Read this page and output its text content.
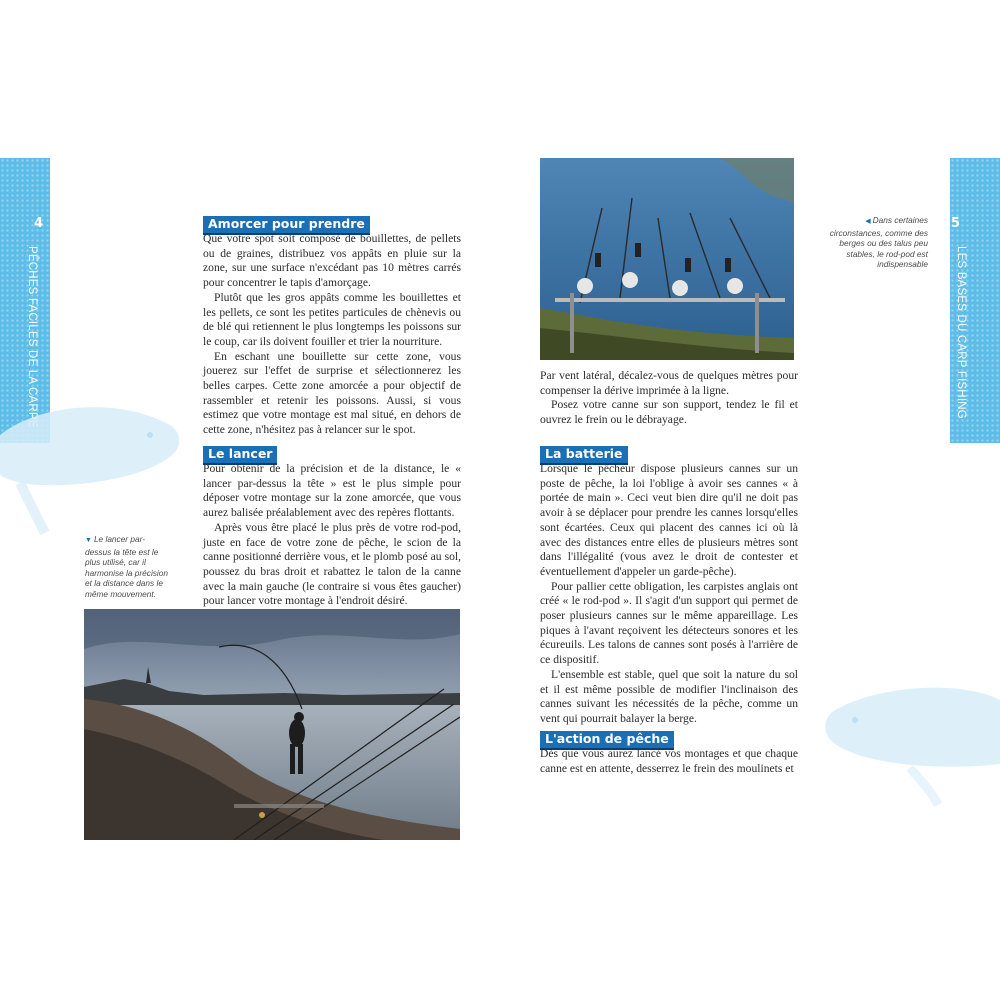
4
PÊCHES FACILES DE LA CARPE
5
LES BASES DU CARP FISHING
Amorcer pour prendre

Que votre spot soit composé de bouillettes, de pellets ou de graines, distribuez vos appâts en pluie sur la zone, sur une surface n'excédant pas 10 mètres carrés pour concentrer le tapis d'amorçage.

Plutôt que les gros appâts comme les bouillettes et les pellets, ce sont les petites particules de chènevis ou de blé qui retiennent le plus longtemps les poissons sur le coup, car ils doivent fouiller et trier la nourriture.

En eschant une bouillette sur cette zone, vous jouerez sur l'effet de surprise et sélectionnerez les belles carpes. Cette zone amorcée a pour objectif de rassembler et retenir les poissons. Aussi, si vous estimez que votre montage est mal situé, en dehors de cette zone, n'hésitez pas à relancer sur le spot.

Le lancer

Pour obtenir de la précision et de la distance, le « lancer par-dessus la tête » est le plus simple pour déposer votre montage sur la zone amorcée, que vous aurez balisée préalablement avec des repères flottants.

Après vous être placé le plus près de votre rod-pod, juste en face de votre zone de pêche, le scion de la canne positionné derrière vous, et le plomb posé au sol, poussez du bras droit et rabattez le talon de la canne avec la main gauche (le contraire si vous êtes gaucher) pour lancer votre montage à l'endroit désiré.

▼ Le lancer par-dessus la tête est le plus utilisé, car il harmonise la précision et la distance dans le même mouvement.
◀ Dans certaines circonstances, comme des berges ou des talus peu stables, le rod-pod est indispensable

Par vent latéral, décalez-vous de quelques mètres pour compenser la dérive imprimée à la ligne.

Posez votre canne sur son support, tendez le fil et ouvrez le frein ou le débrayage.

La batterie

Lorsque le pêcheur dispose plusieurs cannes sur un poste de pêche, la loi l'oblige à avoir ses cannes « à portée de main ». Ceci veut bien dire qu'il ne doit pas avoir à se déplacer pour prendre les cannes lorsqu'elles sont écartées. Ceux qui placent des cannes ici où là avec des distances entre elles de plusieurs mètres sont dans l'illégalité (vous avez le droit de contester et éventuellement d'appeler un garde-pêche).

Pour pallier cette obligation, les carpistes anglais ont créé « le rod-pod ». Il s'agit d'un support qui permet de poser plusieurs cannes sur le même appareillage. Les piques à l'avant reçoivent les détecteurs sonores et les écureuils. Les talons de cannes sont posés à l'arrière de ce dispositif.

L'ensemble est stable, quel que soit la nature du sol et il est même possible de modifier l'inclinaison des cannes suivant les nécessités de la pêche, comme un vent qui pourrait balayer la berge.

L'action de pêche

Dès que vous aurez lancé vos montages et que chaque canne est en attente, desserrez le frein des moulinets et
